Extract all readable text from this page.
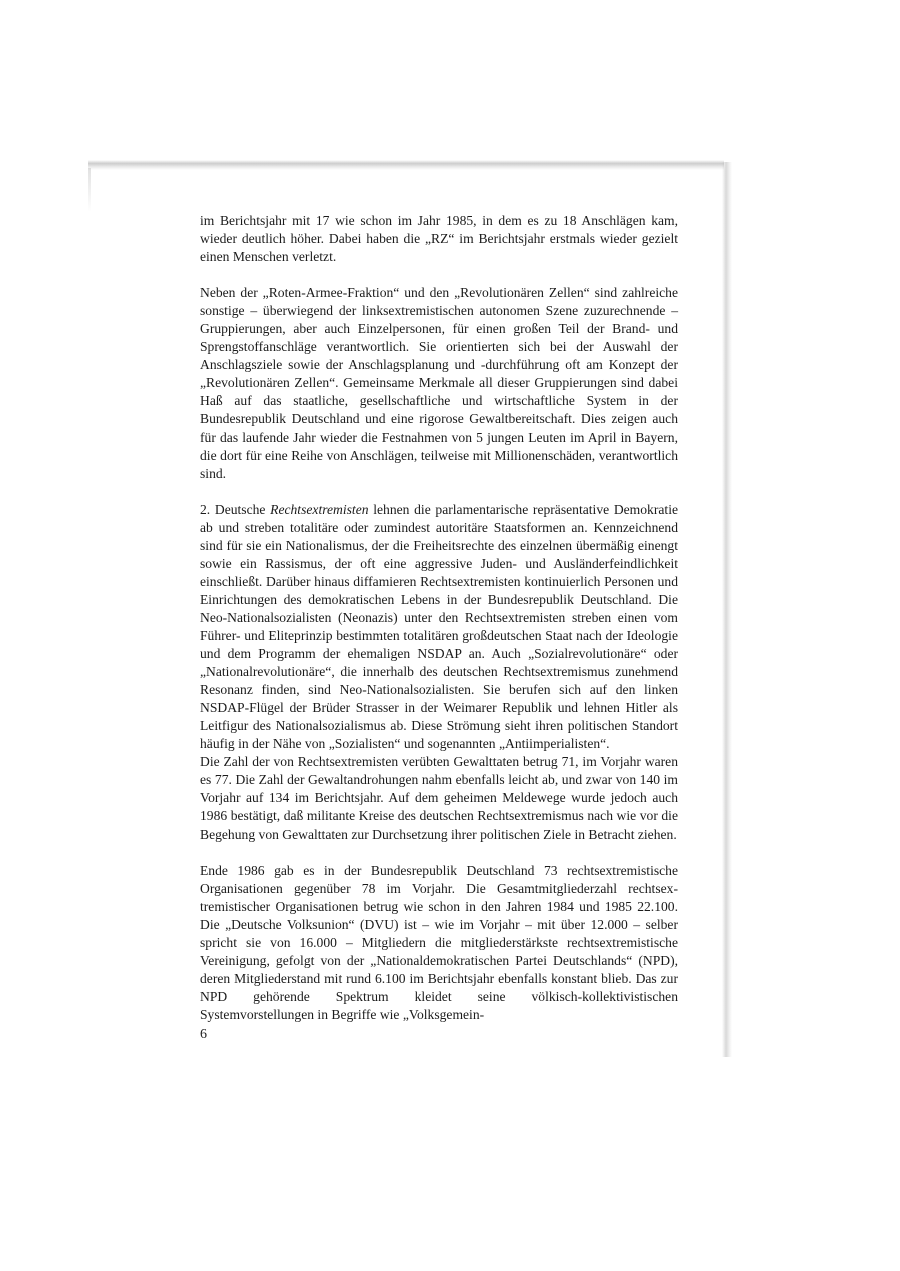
im Berichtsjahr mit 17 wie schon im Jahr 1985, in dem es zu 18 Anschlägen kam, wieder deutlich höher. Dabei haben die „RZ“ im Berichtsjahr erstmals wieder gezielt einen Menschen verletzt.

Neben der „Roten-Armee-Fraktion“ und den „Revolutionären Zellen“ sind zahlreiche sonstige – überwiegend der linksextremistischen autonomen Szene zuzurechnende – Gruppierungen, aber auch Einzelpersonen, für einen großen Teil der Brand- und Sprengstoffanschläge verantwortlich. Sie orientierten sich bei der Auswahl der Anschlagsziele sowie der Anschlagsplanung und -durchführung oft am Konzept der „Revolutionären Zellen“. Gemeinsame Merkmale all dieser Gruppierungen sind dabei Haß auf das staatliche, gesellschaftliche und wirtschaftliche System in der Bundesrepublik Deutschland und eine rigorose Gewaltbereitschaft. Dies zeigen auch für das laufende Jahr wieder die Festnahmen von 5 jungen Leuten im April in Bayern, die dort für eine Reihe von Anschlägen, teilweise mit Millionenschäden, verantwortlich sind.

2. Deutsche Rechtsextremisten lehnen die parlamentarische repräsentative Demokratie ab und streben totalitäre oder zumindest autoritäre Staatsformen an. Kennzeichnend sind für sie ein Nationalismus, der die Freiheitsrechte des einzelnen übermäßig einengt sowie ein Rassismus, der oft eine aggressive Juden- und Ausländerfeindlichkeit einschließt. Darüber hinaus diffamieren Rechtsextremisten kontinuierlich Personen und Einrichtungen des demokratischen Lebens in der Bundesrepublik Deutschland. Die Neo-Nationalsozialisten (Neonazis) unter den Rechtsextremisten streben einen vom Führer- und Eliteprinzip bestimmten totalitären großdeutschen Staat nach der Ideologie und dem Programm der ehemaligen NSDAP an. Auch „Sozialrevolutionäre“ oder „Nationalrevolutionäre“, die innerhalb des deutschen Rechtsextremismus zunehmend Resonanz finden, sind Neo-Nationalsozialisten. Sie berufen sich auf den linken NSDAP-Flügel der Brüder Strasser in der Weimarer Republik und lehnen Hitler als Leitfigur des Nationalsozialismus ab. Diese Strömung sieht ihren politischen Standort häufig in der Nähe von „Sozialisten“ und sogenannten „Antiimperialisten“.

Die Zahl der von Rechtsextremisten verübten Gewalttaten betrug 71, im Vorjahr waren es 77. Die Zahl der Gewaltandrohungen nahm ebenfalls leicht ab, und zwar von 140 im Vorjahr auf 134 im Berichtsjahr. Auf dem geheimen Meldewege wurde jedoch auch 1986 bestätigt, daß militante Kreise des deutschen Rechtsextremismus nach wie vor die Begehung von Gewalttaten zur Durchsetzung ihrer politischen Ziele in Betracht ziehen.

Ende 1986 gab es in der Bundesrepublik Deutschland 73 rechtsextremistische Organisationen gegenüber 78 im Vorjahr. Die Gesamtmitgliederzahl rechtsextremistischer Organisationen betrug wie schon in den Jahren 1984 und 1985 22.100. Die „Deutsche Volksunion“ (DVU) ist – wie im Vorjahr – mit über 12.000 – selber spricht sie von 16.000 – Mitgliedern die mitgliederstärkste rechtsextremistische Vereinigung, gefolgt von der „Nationaldemokratischen Partei Deutschlands“ (NPD), deren Mitgliederstand mit rund 6.100 im Berichtsjahr ebenfalls konstant blieb. Das zur NPD gehörende Spektrum kleidet seine völkisch-kollektivistischen Systemvorstellungen in Begriffe wie „Volksgemein-

6
